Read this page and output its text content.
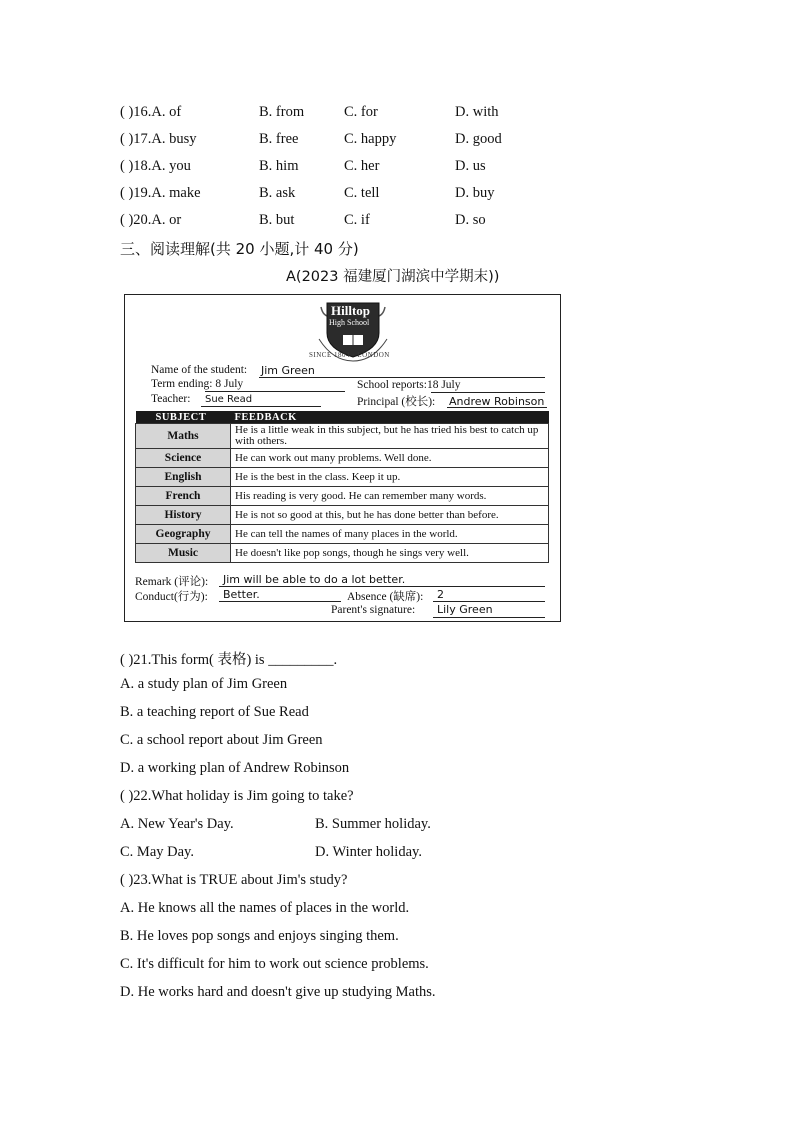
( )16.A. of	B. from	C. for	D. with
( )17.A. busy	B. free	C. happy	D. good
( )18.A. you	B. him	C. her	D. us
( )19.A. make	B. ask	C. tell	D. buy
( )20.A. or	B. but	C. if	D. so
三、阅读理解(共 20 小题,计 40 分)
A(2023 福建厦门湖滨中学期末))
Hilltop
High School
SINCE 1804 · LONDON
Name of the student: Jim Green
Term ending: 8 July	School reports:18 July
Teacher: Sue Read	Principal (校长): Andrew Robinson
SUBJECT	FEEDBACK
Maths	He is a little weak in this subject, but he has tried his best to catch up with others.
Science	He can work out many problems. Well done.
English	He is the best in the class. Keep it up.
French	His reading is very good. He can remember many words.
History	He is not so good at this, but he has done better than before.
Geography	He can tell the names of many places in the world.
Music	He doesn't like pop songs, though he sings very well.
Remark (评论): Jim will be able to do a lot better.
Conduct(行为): Better.	Absence (缺席): 2
Parent's signature: Lily Green
( )21.This form( 表格) is _________.
A. a study plan of Jim Green
B. a teaching report of Sue Read
C. a school report about Jim Green
D. a working plan of Andrew Robinson
( )22.What holiday is Jim going to take?
A. New Year's Day.	B. Summer holiday.
C. May Day.	D. Winter holiday.
( )23.What is TRUE about Jim's study?
A. He knows all the names of places in the world.
B. He loves pop songs and enjoys singing them.
C. It's difficult for him to work out science problems.
D. He works hard and doesn't give up studying Maths.
